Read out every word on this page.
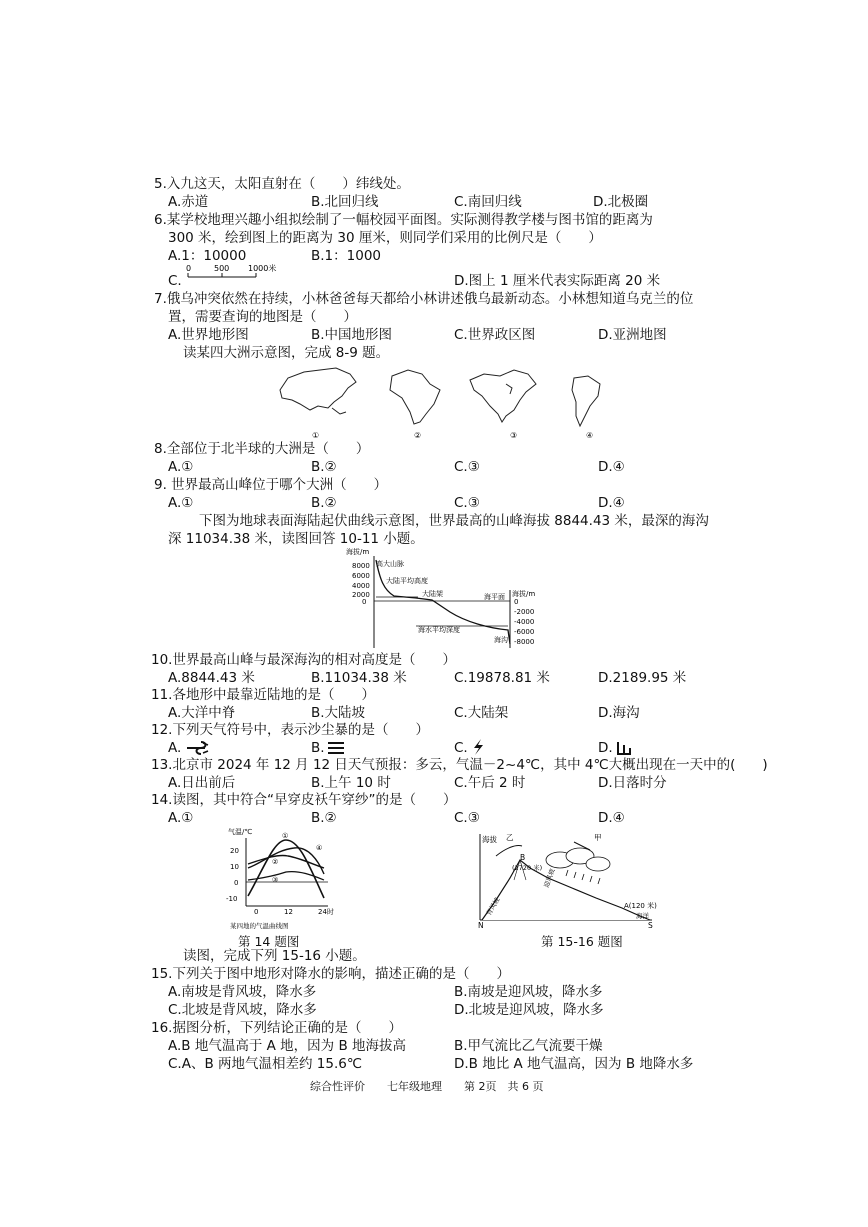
5.入九这天，太阳直射在（　　）纬线处。
A.赤道	B.北回归线	C.南回归线	D.北极圈
6.某学校地理兴趣小组拟绘制了一幅校园平面图。实际测得教学楼与图书馆的距离为
300 米，绘到图上的距离为 30 厘米，则同学们采用的比例尺是（　　）
A.1：10000	B.1：1000
C.
0	500 1000米
D.图上 1 厘米代表实际距离 20 米
7.俄乌冲突依然在持续，小林爸爸每天都给小林讲述俄乌最新动态。小林想知道乌克兰的位
置，需要查询的地图是（　　）
A.世界地形图	B.中国地形图	C.世界政区图	D.亚洲地图
读某四大洲示意图，完成 8-9 题。
①	②	③	④
8.全部位于北半球的大洲是（　　）
A.①	B.②	C.③	D.④
9. 世界最高山峰位于哪个大洲（　　）
A.①	B.②	C.③	D.④
下图为地球表面海陆起伏曲线示意图，世界最高的山峰海拔 8844.43 米，最深的海沟
深 11034.38 米，读图回答 10-11 小题。
海拔/m
8000
6000
4000
2000
0
高大山脉
大陆平均高度
大陆架	海平面
海水平均深度
海沟
海拔/m
0
-2000
-4000
-6000
-8000
10.世界最高山峰与最深海沟的相对高度是（　　）
A.8844.43 米	B.11034.38 米	C.19878.81 米	D.2189.95 米
11.各地形中最靠近陆地的是（　　）
A.大洋中脊	B.大陆坡	C.大陆架	D.海沟
12.下列天气符号中，表示沙尘暴的是（　　）
A.	B.	C.	D.
13.北京市 2024 年 12 月 12 日天气预报：多云，气温－2~4℃，其中 4℃大概出现在一天中的(　　)
A.日出前后	B.上午 10 时	C.午后 2 时	D.日落时分
14.读图，其中符合“早穿皮袄午穿纱”的是（　　）
A.①	B.②	C.③	D.④
气温/℃
20
10
0
-10
0	12	24时
①
②
③
④
某四地的气温曲线图
第 14 题图
海拔 乙	甲
B
(2720 米) 迎风坡
背风坡	A(120 米)
海洋
N	S
第 15-16 题图
读图，完成下列 15-16 小题。
15.下列关于图中地形对降水的影响，描述正确的是（　　）
A.南坡是背风坡，降水多	B.南坡是迎风坡，降水多
C.北坡是背风坡，降水多	D.北坡是迎风坡，降水多
16.据图分析，下列结论正确的是（　　）
A.B 地气温高于 A 地，因为 B 地海拔高	B.甲气流比乙气流要干燥
C.A、B 两地气温相差约 15.6℃	D.B 地比 A 地气温高，因为 B 地降水多
综合性评价　　七年级地理　　第 2页　共 6 页
